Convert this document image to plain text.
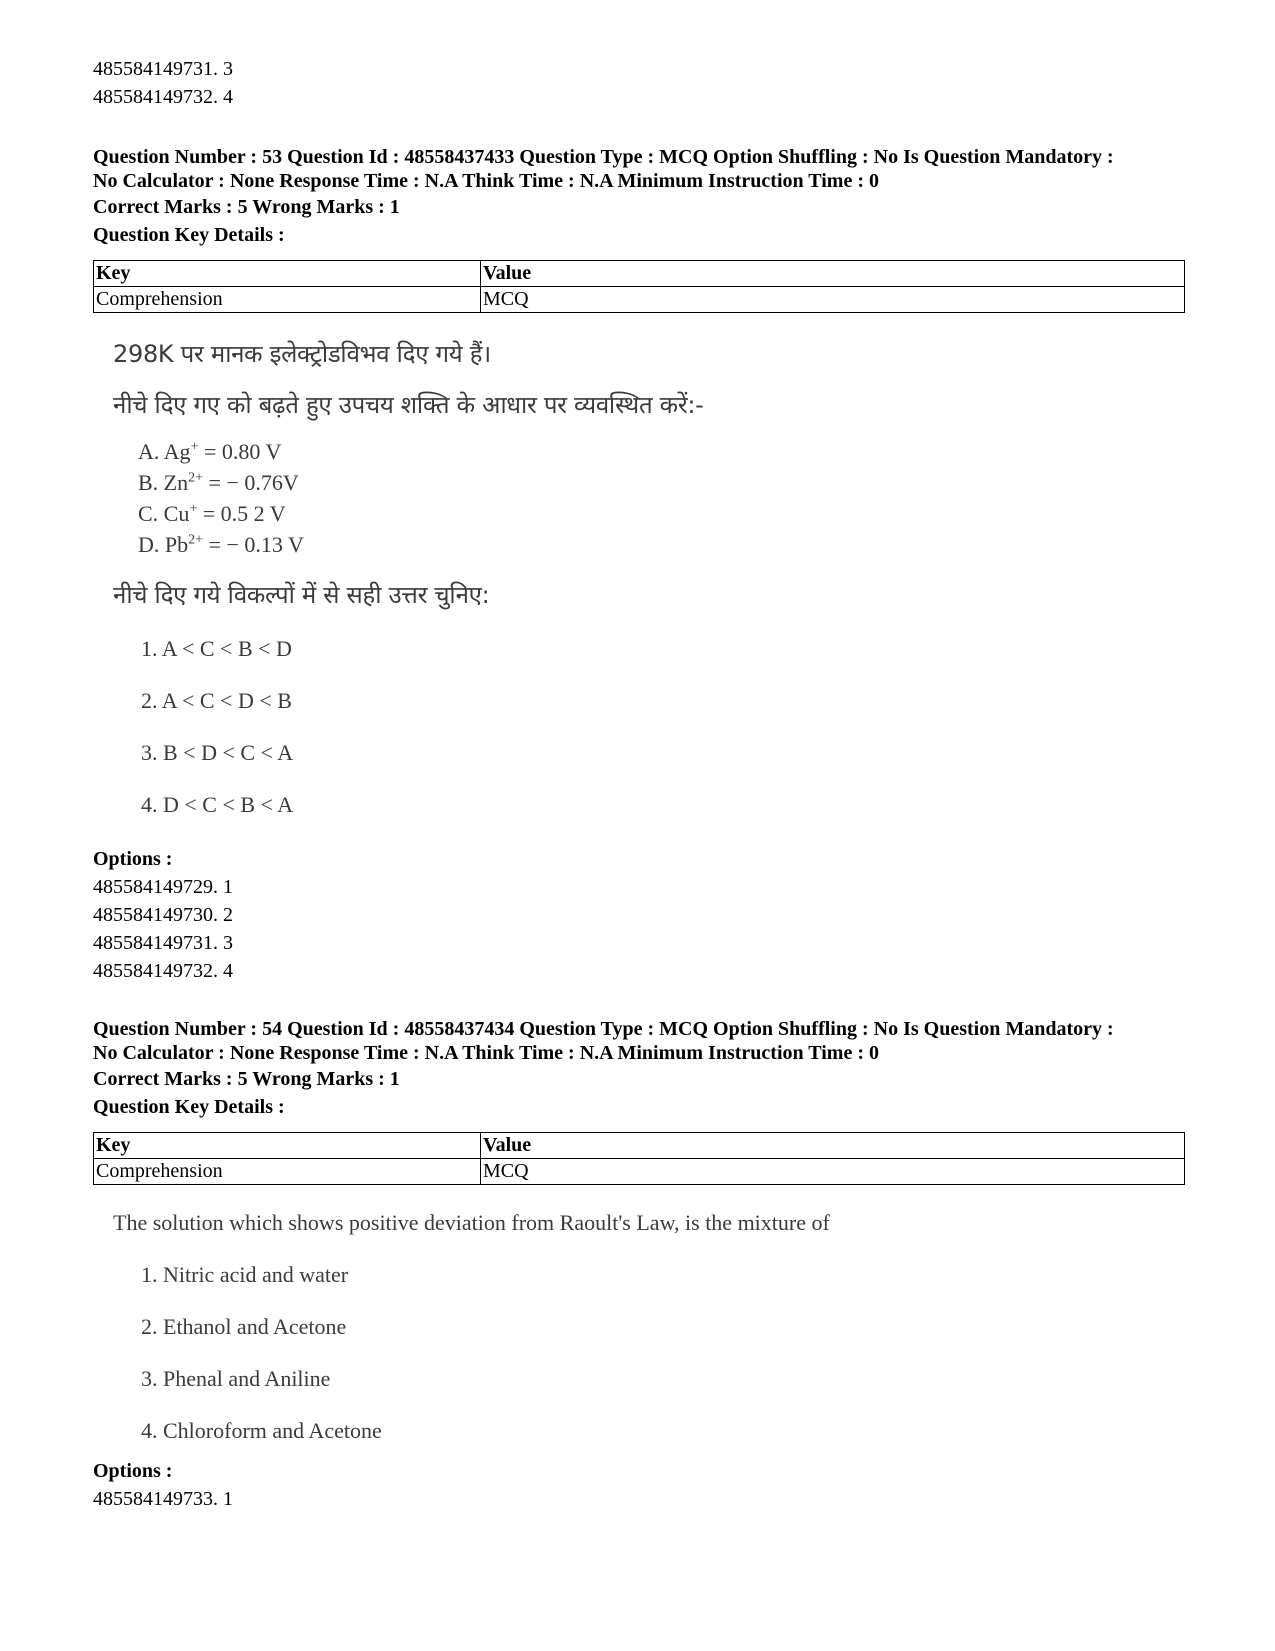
485584149731. 3
485584149732. 4
Question Number : 53 Question Id : 48558437433 Question Type : MCQ Option Shuffling : No Is Question Mandatory :
No Calculator : None Response Time : N.A Think Time : N.A Minimum Instruction Time : 0
Correct Marks : 5 Wrong Marks : 1
Question Key Details :
Key	Value
Comprehension	MCQ
298K पर मानक इलेक्ट्रोडविभव दिए गये हैं।
नीचे दिए गए को बढ़ते हुए उपचय शक्ति के आधार पर व्यवस्थित करें:-
A. Ag+ = 0.80 V
B. $Zn^{2+}$ = − 0.76V
C. Cu+ = 0.5 2 V
D. $Pb^{2+}$ = − 0.13 V
नीचे दिए गये विकल्पों में से सही उत्तर चुनिए:
1. A < C < B < D
2. A < C < D < B
3. B < D < C < A
4. D < C < B < A
Options :
485584149729. 1
485584149730. 2
485584149731. 3
485584149732. 4
Question Number : 54 Question Id : 48558437434 Question Type : MCQ Option Shuffling : No Is Question Mandatory :
No Calculator : None Response Time : N.A Think Time : N.A Minimum Instruction Time : 0
Correct Marks : 5 Wrong Marks : 1
Question Key Details :
Key	Value
Comprehension	MCQ
The solution which shows positive deviation from Raoult's Law, is the mixture of
1. Nitric acid and water
2. Ethanol and Acetone
3. Phenal and Aniline
4. Chloroform and Acetone
Options :
485584149733. 1
